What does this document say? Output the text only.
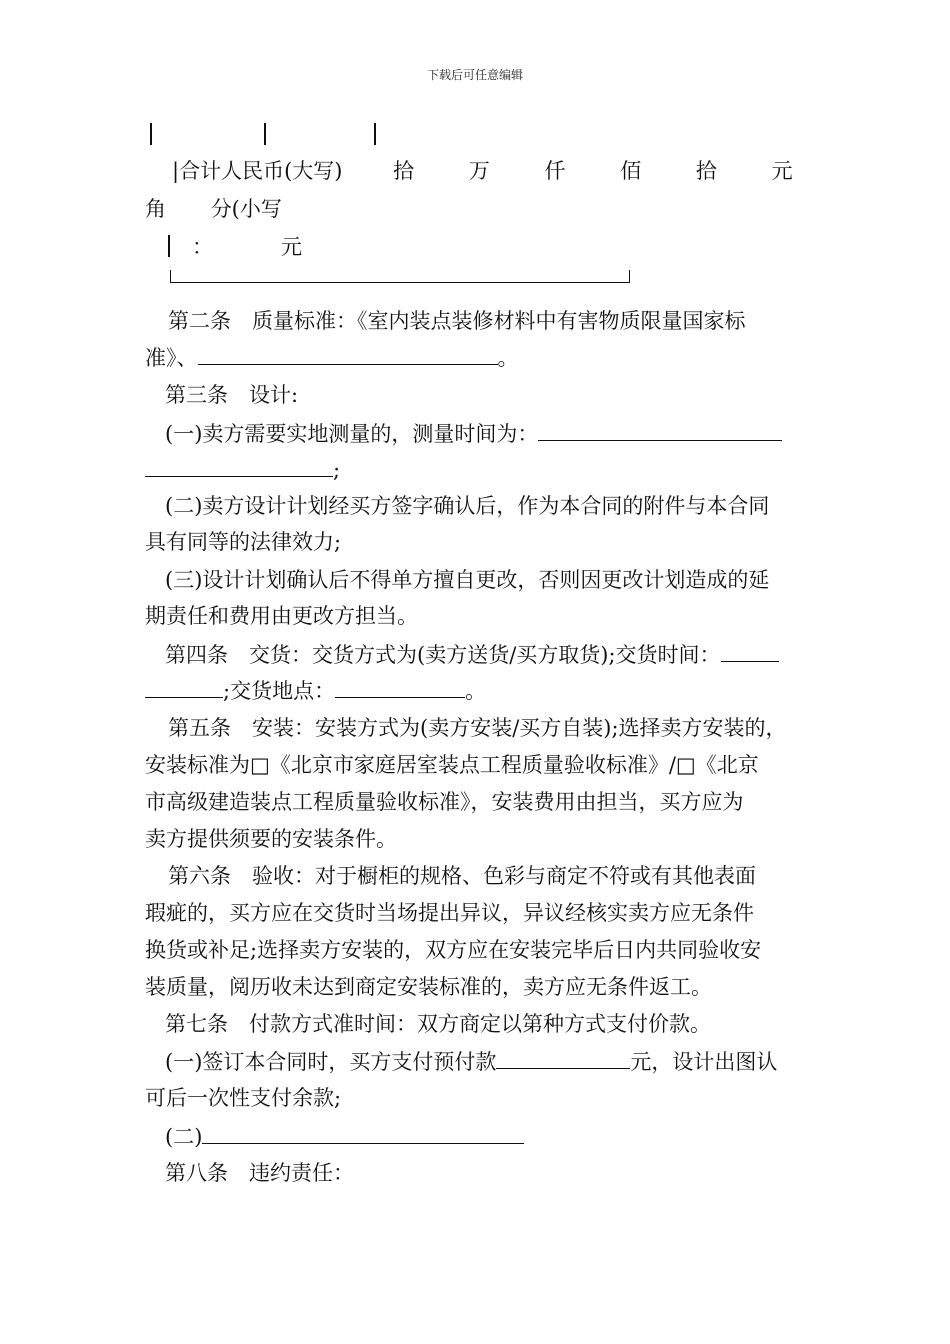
下载后可任意编辑
|合计人民币(大写) 拾	万	仟	佰	拾	元
角 分(小写
：	元
第二条　质量标准：《室内装点装修材料中有害物质限量国家标
准》、	。
第三条　设计:
(一)卖方需要实地测量的，测量时间为：
;
(二)卖方设计计划经买方签字确认后，作为本合同的附件与本合同
具有同等的法律效力;
(三)设计计划确认后不得单方擅自更改，否则因更改计划造成的延
期责任和费用由更改方担当。
第四条　交货：交货方式为(卖方送货/买方取货);交货时间：
;交货地点：	。
第五条　安装：安装方式为(卖方安装/买方自装);选择卖方安装的，
安装标准为□《北京市家庭居室装点工程质量验收标准》/□《北京
市高级建造装点工程质量验收标准》，安装费用由担当，买方应为
卖方提供须要的安装条件。
第六条　验收：对于橱柜的规格、色彩与商定不符或有其他表面
瑕疵的，买方应在交货时当场提出异议，异议经核实卖方应无条件
换货或补足;选择卖方安装的，双方应在安装完毕后日内共同验收安
装质量，阅历收未达到商定安装标准的，卖方应无条件返工。
第七条　付款方式准时间：双方商定以第种方式支付价款。
(一)签订本合同时，买方支付预付款	元，设计出图认
可后一次性支付余款;
(二)
第八条　违约责任：
